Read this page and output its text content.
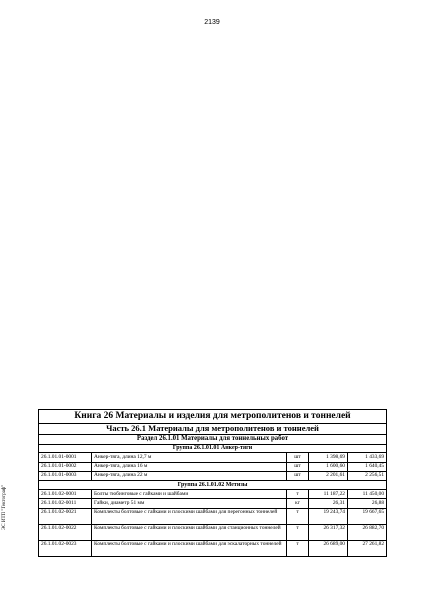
2139
ЭС ИТП "Гектограф"
Книга 26 Материалы и изделия для метрополитенов и тоннелей				
Часть 26.1 Материалы для метрополитенов и тоннелей				
Раздел 26.1.01 Материалы для тоннельных работ				
Группа 26.1.01.01 Анкер-тяги				
26.1.01.01-0001	Анкер-тяга, длина 12,7 м	шт	1 398,69	1 433,69
26.1.01.01-0002	Анкер-тяга, длина 16 м	шт	1 600,60	1 640,45
26.1.01.01-0003	Анкер-тяга, длина 22 м	шт	2 201,61	2 256,51
Группа 26.1.01.02 Метизы				
26.1.01.02-0001	Болты тюбинговые с гайками и шайбами	т	11 187,22	11 450,00
26.1.01.02-0011	Гайки, диаметр 51 мм	кг	26,31	26,88
26.1.01.02-0021	Комплекты болтовые с гайками и плоскими шайбами для перегонных тоннелей	т	19 243,74	19 667,65
26.1.01.02-0022	Комплекты болтовые с гайками и плоскими шайбами для станционных тоннелей	т	26 317,32	26 882,70
26.1.01.02-0023	Комплекты болтовые с гайками и плоскими шайбами для эскалаторных тоннелей	т	26 689,00	27 261,82
